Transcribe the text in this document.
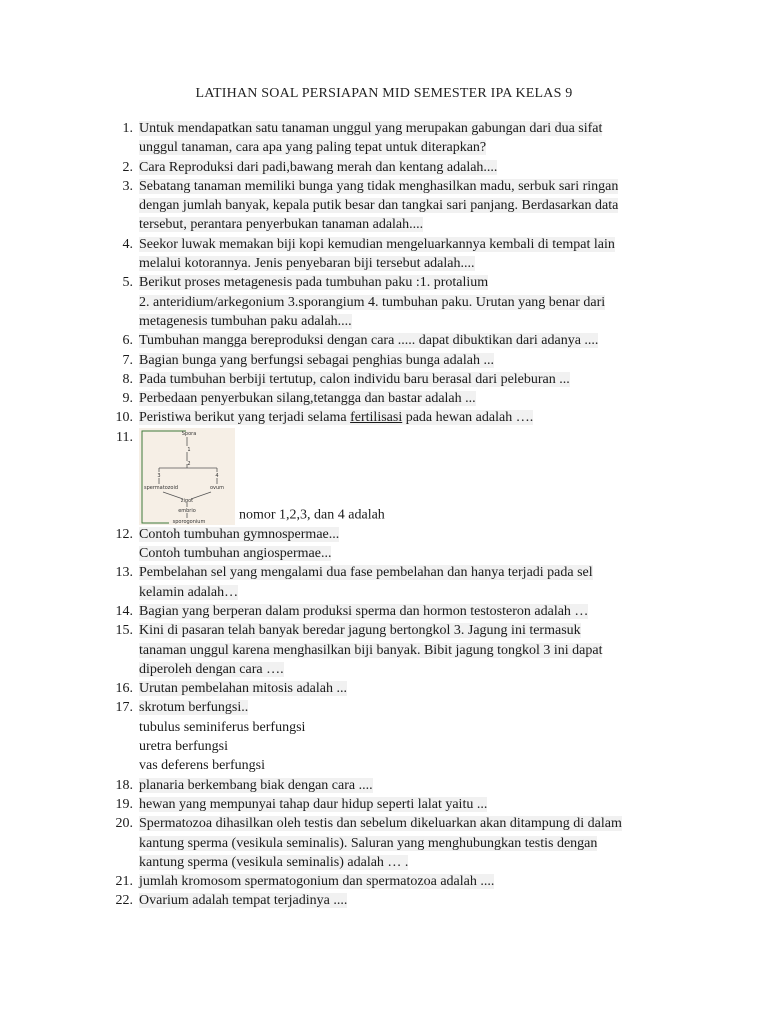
LATIHAN SOAL PERSIAPAN MID SEMESTER IPA KELAS 9
1. Untuk mendapatkan satu tanaman unggul yang merupakan gabungan dari dua sifat
unggul tanaman, cara apa yang paling tepat untuk diterapkan?
2. Cara Reproduksi dari padi,bawang merah dan kentang adalah....
3. Sebatang tanaman memiliki bunga yang tidak menghasilkan madu, serbuk sari ringan
dengan jumlah banyak, kepala putik besar dan tangkai sari panjang. Berdasarkan data
tersebut, perantara penyerbukan tanaman adalah....
4. Seekor luwak memakan biji kopi kemudian mengeluarkannya kembali di tempat lain
melalui kotorannya. Jenis penyebaran biji tersebut adalah....
5. Berikut proses metagenesis pada tumbuhan paku :1. protalium
2. anteridium/arkegonium 3.sporangium 4. tumbuhan paku. Urutan yang benar dari
metagenesis tumbuhan paku adalah....
6. Tumbuhan mangga bereproduksi dengan cara ..... dapat dibuktikan dari adanya ....
7. Bagian bunga yang berfungsi sebagai penghias bunga adalah ...
8. Pada tumbuhan berbiji tertutup, calon individu baru berasal dari peleburan ...
9. Perbedaan penyerbukan silang,tetangga dan bastar adalah ...
10. Peristiwa berikut yang terjadi selama fertilisasi pada hewan adalah ….
11.	Spora
1
2
3	4
spermatozoid	ovum
zigot
embrio
sporogonium nomor 1,2,3, dan 4 adalah
12. Contoh tumbuhan gymnospermae...
Contoh tumbuhan angiospermae...
13. Pembelahan sel yang mengalami dua fase pembelahan dan hanya terjadi pada sel
kelamin adalah…
14. Bagian yang berperan dalam produksi sperma dan hormon testosteron adalah …
15. Kini di pasaran telah banyak beredar jagung bertongkol 3. Jagung ini termasuk
tanaman unggul karena menghasilkan biji banyak. Bibit jagung tongkol 3 ini dapat
diperoleh dengan cara ….
16. Urutan pembelahan mitosis adalah ...
17. skrotum berfungsi..
tubulus seminiferus berfungsi
uretra berfungsi
vas deferens berfungsi
18. planaria berkembang biak dengan cara ....
19. hewan yang mempunyai tahap daur hidup seperti lalat yaitu ...
20. Spermatozoa dihasilkan oleh testis dan sebelum dikeluarkan akan ditampung di dalam
kantung sperma (vesikula seminalis). Saluran yang menghubungkan testis dengan
kantung sperma (vesikula seminalis) adalah … .
21. jumlah kromosom spermatogonium dan spermatozoa adalah ....
22. Ovarium adalah tempat terjadinya ....
